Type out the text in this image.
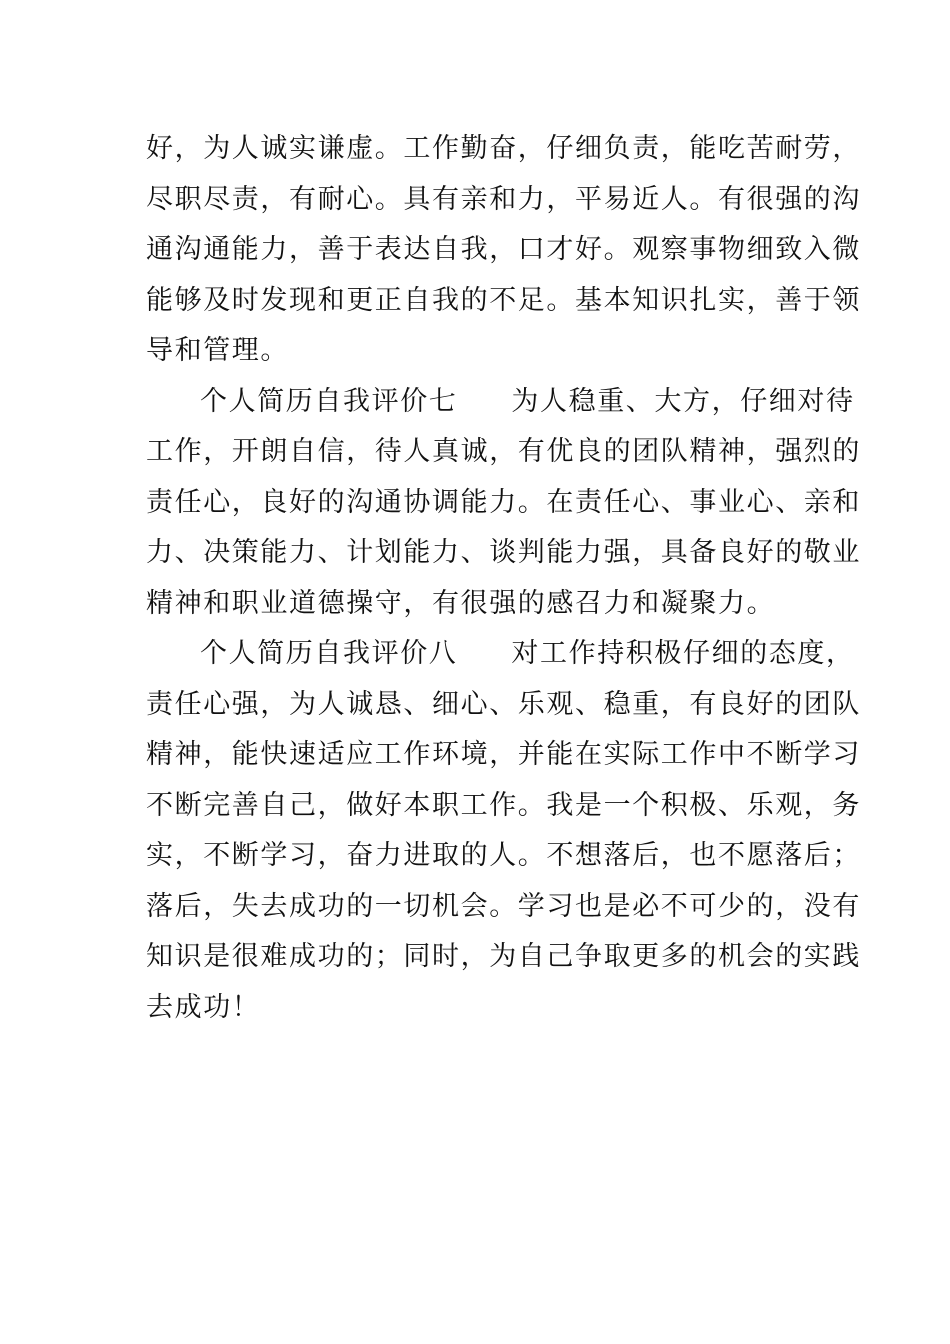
好，为人诚实谦虚。工作勤奋，仔细负责，能吃苦耐劳，
尽职尽责，有耐心。具有亲和力，平易近人。有很强的沟
通沟通能力，善于表达自我，口才好。观察事物细致入微
能够及时发现和更正自我的不足。基本知识扎实，善于领
导和管理。
个人简历自我评价七 为人稳重、大方，仔细对待
工作，开朗自信，待人真诚，有优良的团队精神，强烈的
责任心，良好的沟通协调能力。在责任心、事业心、亲和
力、决策能力、计划能力、谈判能力强，具备良好的敬业
精神和职业道德操守，有很强的感召力和凝聚力。
个人简历自我评价八 对工作持积极仔细的态度，
责任心强，为人诚恳、细心、乐观、稳重，有良好的团队
精神，能快速适应工作环境，并能在实际工作中不断学习
不断完善自己，做好本职工作。我是一个积极、乐观，务
实，不断学习，奋力进取的人。不想落后，也不愿落后；
落后，失去成功的一切机会。学习也是必不可少的，没有
知识是很难成功的；同时，为自己争取更多的机会的实践
去成功！
